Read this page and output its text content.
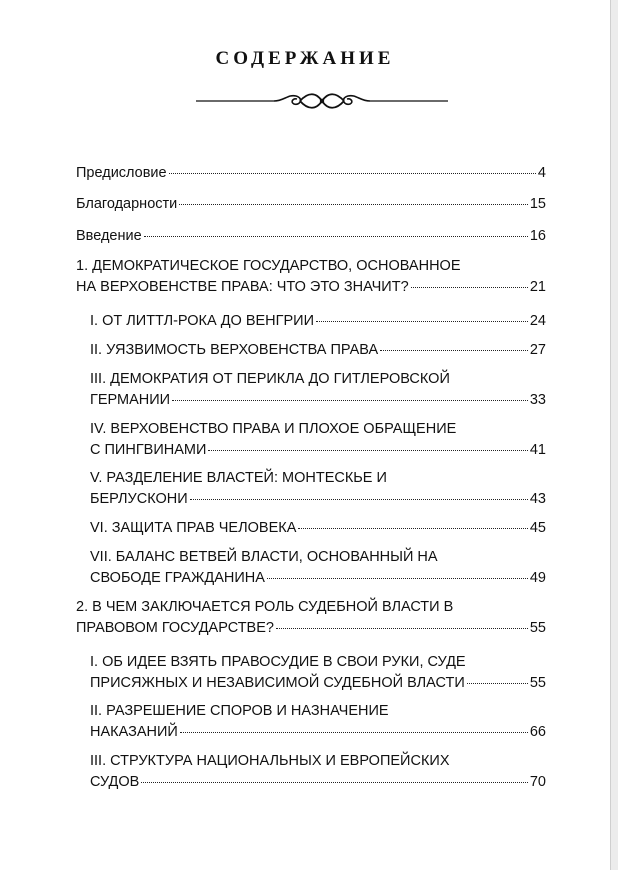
СОДЕРЖАНИЕ
Предисловие	4
Благодарности	15
Введение	16
1. ДЕМОКРАТИЧЕСКОЕ ГОСУДАРСТВО, ОСНОВАННОЕ
НА ВЕРХОВЕНСТВЕ ПРАВА: ЧТО ЭТО ЗНАЧИТ?	21
I. ОТ ЛИТТЛ-РОКА ДО ВЕНГРИИ	24
II. УЯЗВИМОСТЬ ВЕРХОВЕНСТВА ПРАВА	27
III. ДЕМОКРАТИЯ ОТ ПЕРИКЛА ДО ГИТЛЕРОВСКОЙ
ГЕРМАНИИ	33
IV. ВЕРХОВЕНСТВО ПРАВА И ПЛОХОЕ ОБРАЩЕНИЕ
С ПИНГВИНАМИ	41
V. РАЗДЕЛЕНИЕ ВЛАСТЕЙ: МОНТЕСКЬЕ И
БЕРЛУСКОНИ	43
VI. ЗАЩИТА ПРАВ ЧЕЛОВЕКА	45
VII. БАЛАНС ВЕТВЕЙ ВЛАСТИ, ОСНОВАННЫЙ НА
СВОБОДЕ ГРАЖДАНИНА	49
2. В ЧЕМ ЗАКЛЮЧАЕТСЯ РОЛЬ СУДЕБНОЙ ВЛАСТИ В
ПРАВОВОМ ГОСУДАРСТВЕ?	55
I. ОБ ИДЕЕ ВЗЯТЬ ПРАВОСУДИЕ В СВОИ РУКИ, СУДЕ
ПРИСЯЖНЫХ И НЕЗАВИСИМОЙ СУДЕБНОЙ ВЛАСТИ	55
II. РАЗРЕШЕНИЕ СПОРОВ И НАЗНАЧЕНИЕ
НАКАЗАНИЙ	66
III. СТРУКТУРА НАЦИОНАЛЬНЫХ И ЕВРОПЕЙСКИХ
СУДОВ	70
